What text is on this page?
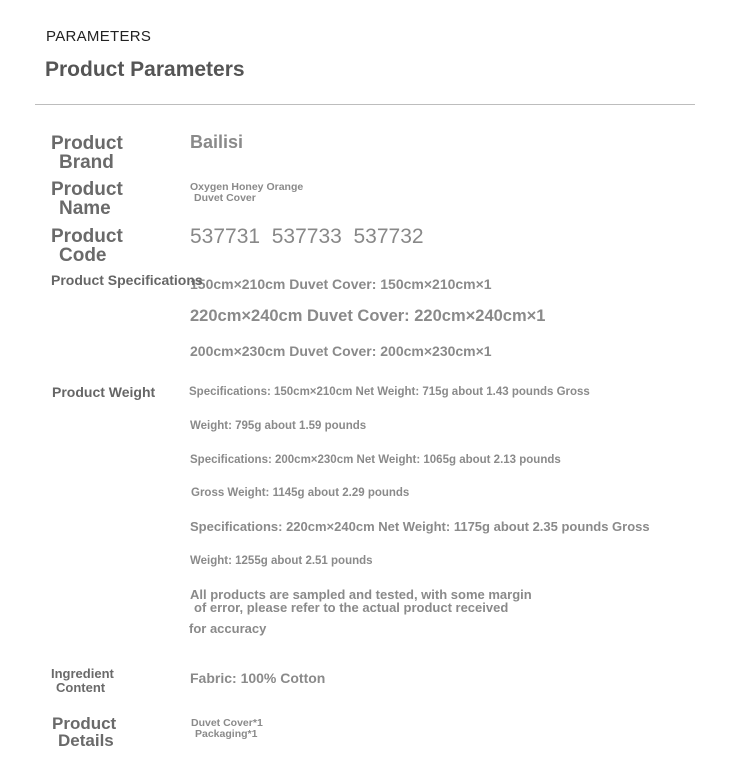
PARAMETERS
Product Parameters
Product
Brand
Bailisi
Product
Name
Oxygen Honey Orange
Duvet Cover
Product
Code
537731  537733  537732
150cm×210cm Duvet Cover: 150cm×210cm×1
Product Specifications
220cm×240cm Duvet Cover: 220cm×240cm×1
200cm×230cm Duvet Cover: 200cm×230cm×1
Product Weight	Specifications: 150cm×210cm Net Weight: 715g about 1.43 pounds Gross
Weight: 795g about 1.59 pounds
Specifications: 200cm×230cm Net Weight: 1065g about 2.13 pounds
Gross Weight: 1145g about 2.29 pounds
Specifications: 220cm×240cm Net Weight: 1175g about 2.35 pounds Gross
Weight: 1255g about 2.51 pounds
All products are sampled and tested, with some margin
of error, please refer to the actual product received
for accuracy
Ingredient
Content
Fabric: 100% Cotton
Product
Details
Duvet Cover*1
Packaging*1
